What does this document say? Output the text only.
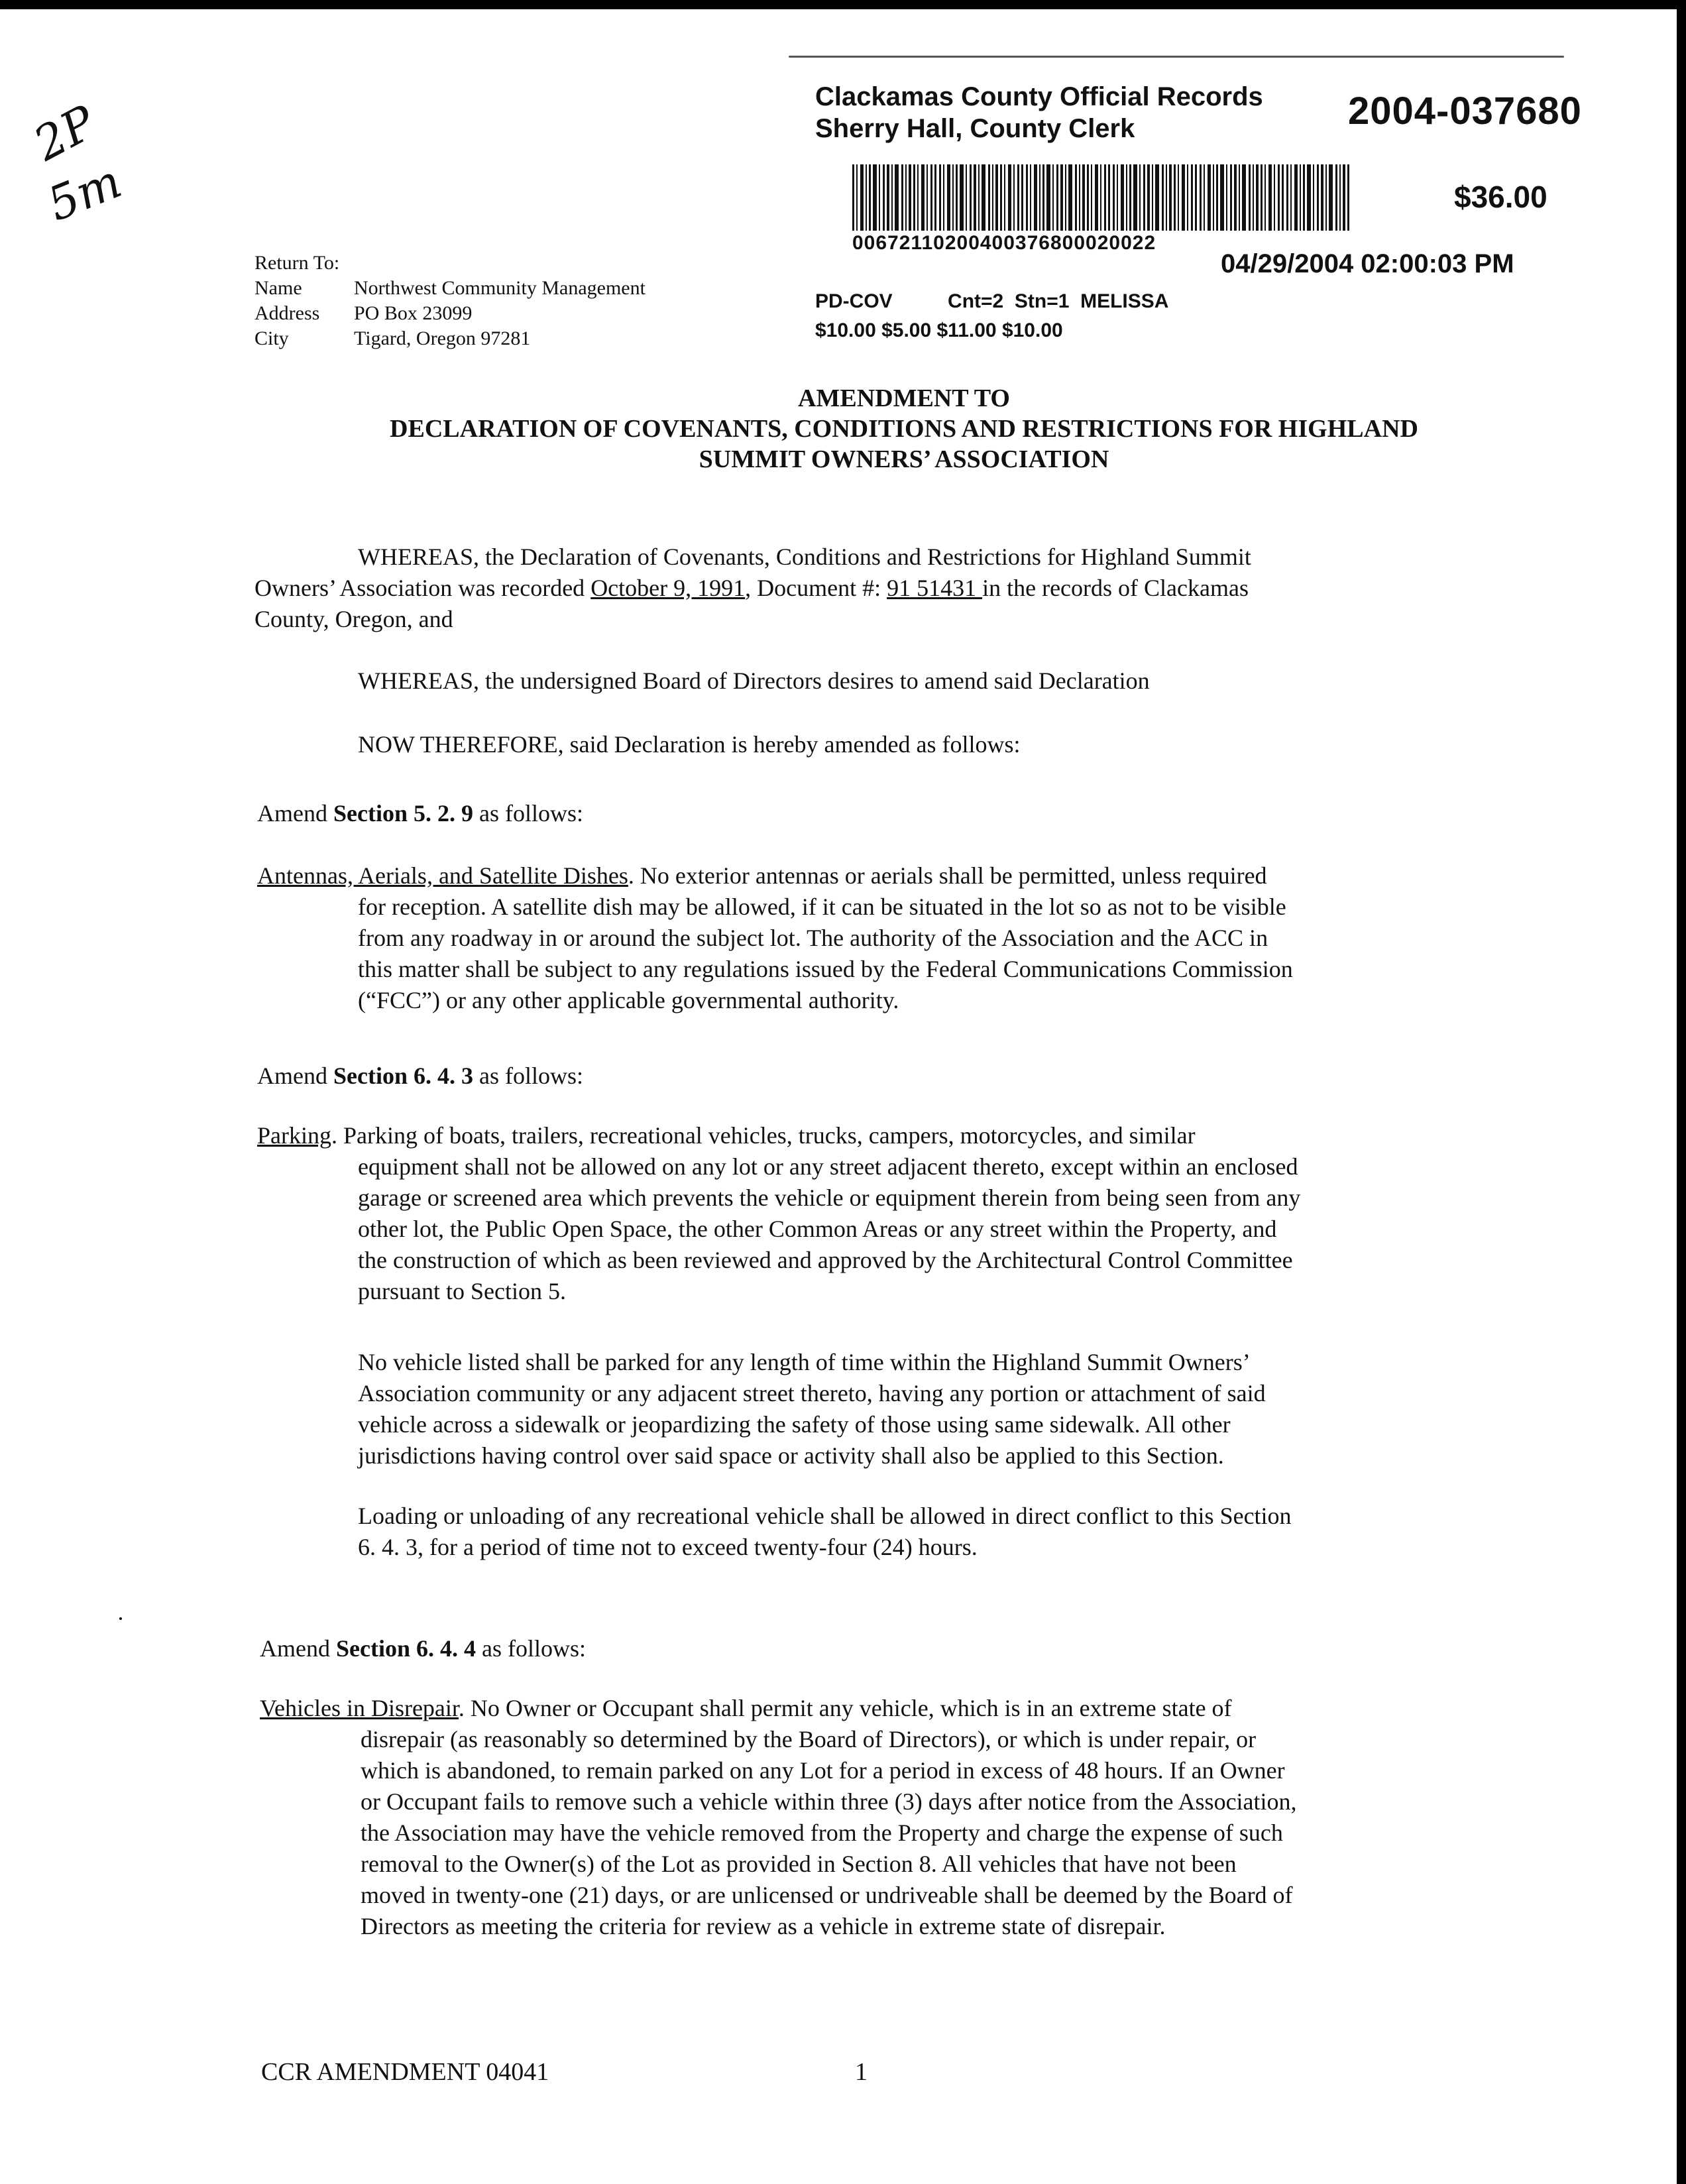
2P
5m
Clackamas County Official Records
Sherry Hall, County Clerk	2004-037680
$36.00
00672110200400376800020022
04/29/2004 02:00:03 PM
PD-COV	Cnt=2 Stn=1 MELISSA
$10.00 $5.00 $11.00 $10.00
Return To:
Name	Northwest Community Management
Address	PO Box 23099
City	Tigard, Oregon 97281
AMENDMENT TO
DECLARATION OF COVENANTS, CONDITIONS AND RESTRICTIONS FOR HIGHLAND
SUMMIT OWNERS’ ASSOCIATION
WHEREAS, the Declaration of Covenants, Conditions and Restrictions for Highland Summit
Owners’ Association was recorded October 9, 1991, Document #: 91 51431 in the records of Clackamas
County, Oregon, and
WHEREAS, the undersigned Board of Directors desires to amend said Declaration
NOW THEREFORE, said Declaration is hereby amended as follows:
Amend Section 5. 2. 9 as follows:
Antennas, Aerials, and Satellite Dishes. No exterior antennas or aerials shall be permitted, unless required
for reception. A satellite dish may be allowed, if it can be situated in the lot so as not to be visible
from any roadway in or around the subject lot. The authority of the Association and the ACC in
this matter shall be subject to any regulations issued by the Federal Communications Commission
(“FCC”) or any other applicable governmental authority.
Amend Section 6. 4. 3 as follows:
Parking. Parking of boats, trailers, recreational vehicles, trucks, campers, motorcycles, and similar
equipment shall not be allowed on any lot or any street adjacent thereto, except within an enclosed
garage or screened area which prevents the vehicle or equipment therein from being seen from any
other lot, the Public Open Space, the other Common Areas or any street within the Property, and
the construction of which as been reviewed and approved by the Architectural Control Committee
pursuant to Section 5.
No vehicle listed shall be parked for any length of time within the Highland Summit Owners’
Association community or any adjacent street thereto, having any portion or attachment of said
vehicle across a sidewalk or jeopardizing the safety of those using same sidewalk. All other
jurisdictions having control over said space or activity shall also be applied to this Section.
Loading or unloading of any recreational vehicle shall be allowed in direct conflict to this Section
6. 4. 3, for a period of time not to exceed twenty-four (24) hours.
Amend Section 6. 4. 4 as follows:
Vehicles in Disrepair. No Owner or Occupant shall permit any vehicle, which is in an extreme state of
disrepair (as reasonably so determined by the Board of Directors), or which is under repair, or
which is abandoned, to remain parked on any Lot for a period in excess of 48 hours. If an Owner
or Occupant fails to remove such a vehicle within three (3) days after notice from the Association,
the Association may have the vehicle removed from the Property and charge the expense of such
removal to the Owner(s) of the Lot as provided in Section 8. All vehicles that have not been
moved in twenty-one (21) days, or are unlicensed or undriveable shall be deemed by the Board of
Directors as meeting the criteria for review as a vehicle in extreme state of disrepair.
CCR AMENDMENT 04041	1
